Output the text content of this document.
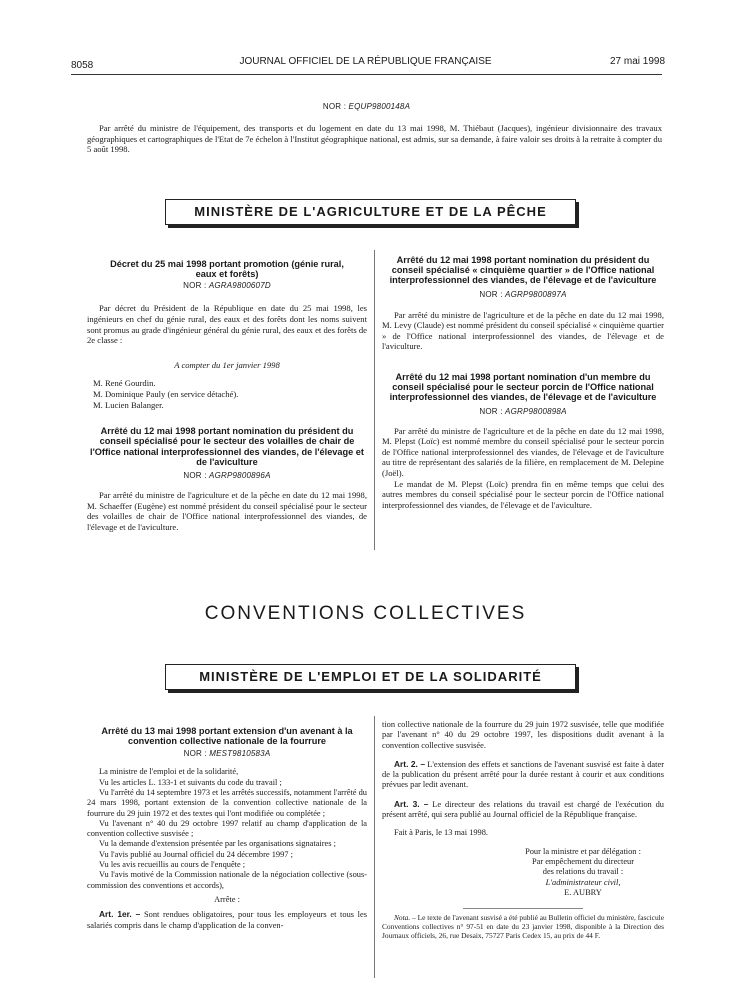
8058	JOURNAL OFFICIEL DE LA RÉPUBLIQUE FRANÇAISE	27 mai 1998
NOR : EQUP9800148A

Par arrêté du ministre de l'équipement, des transports et du logement en date du 13 mai 1998, M. Thiébaut (Jacques), ingénieur divisionnaire des travaux géographiques et cartographiques de l'Etat de 7e échelon à l'Institut géographique national, est admis, sur sa demande, à faire valoir ses droits à la retraite à compter du 5 août 1998.

MINISTÈRE DE L'AGRICULTURE ET DE LA PÊCHE
Décret du 25 mai 1998 portant promotion (génie rural, eaux et forêts)
NOR : AGRA9800607D

Par décret du Président de la République en date du 25 mai 1998, les ingénieurs en chef du génie rural, des eaux et des forêts dont les noms suivent sont promus au grade d'ingénieur général du génie rural, des eaux et des forêts de 2e classe :

A compter du 1er janvier 1998
M. René Gourdin.
M. Dominique Pauly (en service détaché).
M. Lucien Balanger.
Arrêté du 12 mai 1998 portant nomination du président du conseil spécialisé pour le secteur des volailles de chair de l'Office national interprofessionnel des viandes, de l'élevage et de l'aviculture
NOR : AGRP9800896A

Par arrêté du ministre de l'agriculture et de la pêche en date du 12 mai 1998, M. Schaeffer (Eugène) est nommé président du conseil spécialisé pour le secteur des volailles de chair de l'Office national interprofessionnel des viandes, de l'élevage et de l'aviculture.

Arrêté du 12 mai 1998 portant nomination du président du conseil spécialisé « cinquième quartier » de l'Office national interprofessionnel des viandes, de l'élevage et de l'aviculture
NOR : AGRP9800897A

Par arrêté du ministre de l'agriculture et de la pêche en date du 12 mai 1998, M. Levy (Claude) est nommé président du conseil spécialisé « cinquième quartier » de l'Office national interprofessionnel des viandes, de l'élevage et de l'aviculture.

Arrêté du 12 mai 1998 portant nomination d'un membre du conseil spécialisé pour le secteur porcin de l'Office national interprofessionnel des viandes, de l'élevage et de l'aviculture
NOR : AGRP9800898A

Par arrêté du ministre de l'agriculture et de la pêche en date du 12 mai 1998, M. Plepst (Loïc) est nommé membre du conseil spécialisé pour le secteur porcin de l'Office national interprofessionnel des viandes, de l'élevage et de l'aviculture au titre de représentant des salariés de la filière, en remplacement de M. Delepine (Joël).

Le mandat de M. Plepst (Loïc) prendra fin en même temps que celui des autres membres du conseil spécialisé pour le secteur porcin de l'Office national interprofessionnel des viandes, de l'élevage et de l'aviculture.

CONVENTIONS COLLECTIVES
MINISTÈRE DE L'EMPLOI ET DE LA SOLIDARITÉ
Arrêté du 13 mai 1998 portant extension d'un avenant à la convention collective nationale de la fourrure
NOR : MEST9810583A

La ministre de l'emploi et de la solidarité,

Vu les articles L. 133-1 et suivants du code du travail ;

Vu l'arrêté du 14 septembre 1973 et les arrêtés successifs, notamment l'arrêté du 24 mars 1998, portant extension de la convention collective nationale de la fourrure du 29 juin 1972 et des textes qui l'ont modifiée ou complétée ;

Vu l'avenant n° 40 du 29 octobre 1997 relatif au champ d'application de la convention collective susvisée ;

Vu la demande d'extension présentée par les organisations signataires ;

Vu l'avis publié au Journal officiel du 24 décembre 1997 ;

Vu les avis recueillis au cours de l'enquête ;

Vu l'avis motivé de la Commission nationale de la négociation collective (sous-commission des conventions et accords),

Arrête :

Art. 1er. – Sont rendues obligatoires, pour tous les employeurs et tous les salariés compris dans le champ d'application de la conven-

tion collective nationale de la fourrure du 29 juin 1972 susvisée, telle que modifiée par l'avenant n° 40 du 29 octobre 1997, les dispositions dudit avenant à la convention collective susvisée.

Art. 2. – L'extension des effets et sanctions de l'avenant susvisé est faite à dater de la publication du présent arrêté pour la durée restant à courir et aux conditions prévues par ledit avenant.

Art. 3. – Le directeur des relations du travail est chargé de l'exécution du présent arrêté, qui sera publié au Journal officiel de la République française.

Fait à Paris, le 13 mai 1998.

Pour la ministre et par délégation :
Par empêchement du directeur
des relations du travail :
L'administrateur civil,
E. AUBRY

Nota. – Le texte de l'avenant susvisé a été publié au Bulletin officiel du ministère, fascicule Conventions collectives n° 97-51 en date du 23 janvier 1998, disponible à la Direction des Journaux officiels, 26, rue Desaix, 75727 Paris Cedex 15, au prix de 44 F.
